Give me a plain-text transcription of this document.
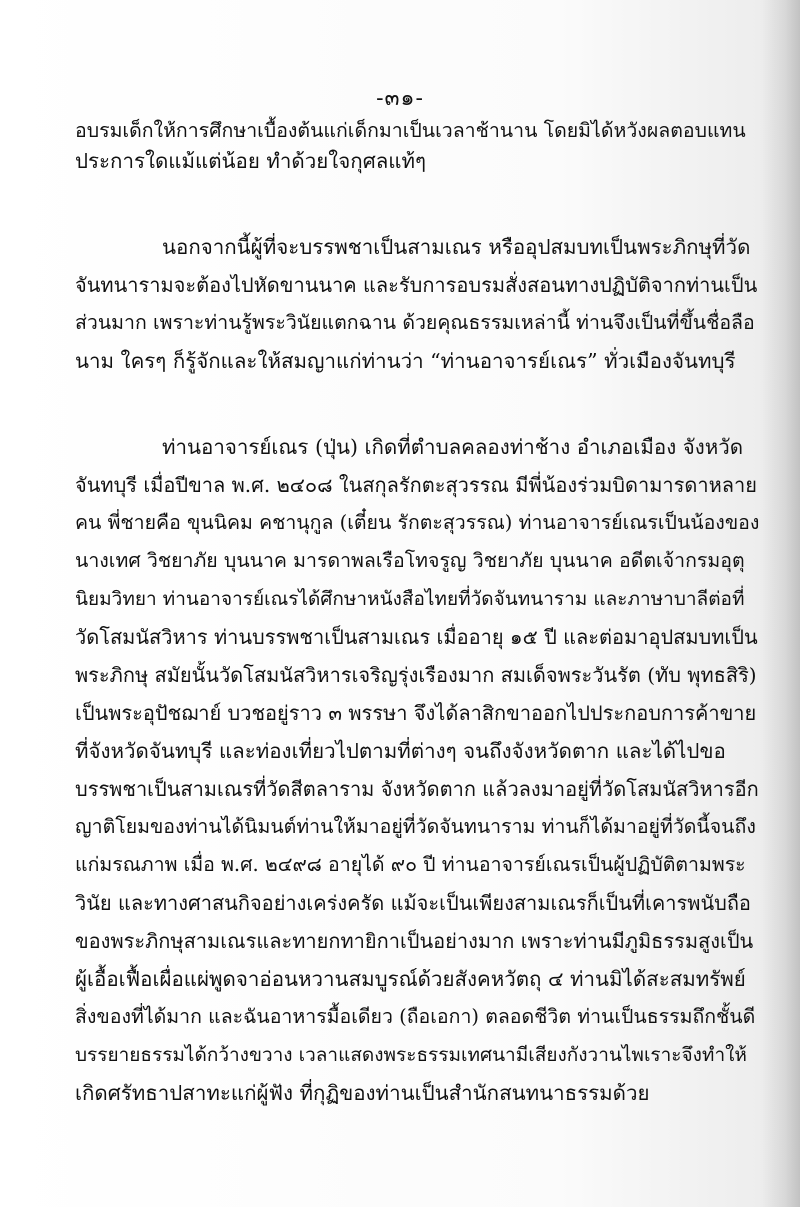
-๓๑-
อบรมเด็กให้การศึกษาเบื้องต้นแก่เด็กมาเป็นเวลาช้านาน โดยมิได้หวังผลตอบแทน
ประการใดแม้แต่น้อย ทำด้วยใจกุศลแท้ๆ
นอกจากนี้ผู้ที่จะบรรพชาเป็นสามเณร หรืออุปสมบทเป็นพระภิกษุที่วัด
จันทนารามจะต้องไปหัดขานนาค และรับการอบรมสั่งสอนทางปฏิบัติจากท่านเป็น
ส่วนมาก เพราะท่านรู้พระวินัยแตกฉาน ด้วยคุณธรรมเหล่านี้ ท่านจึงเป็นที่ขึ้นชื่อลือ
นาม ใครๆ ก็รู้จักและให้สมญาแก่ท่านว่า “ท่านอาจารย์เณร” ทั่วเมืองจันทบุรี
ท่านอาจารย์เณร (ปุ่น) เกิดที่ตำบลคลองท่าช้าง อำเภอเมือง จังหวัด
จันทบุรี เมื่อปีขาล พ.ศ. ๒๔๐๘ ในสกุลรักตะสุวรรณ มีพี่น้องร่วมบิดามารดาหลาย
คน พี่ชายคือ ขุนนิคม คชานุกูล (เตี๋ยน รักตะสุวรรณ) ท่านอาจารย์เณรเป็นน้องของ
นางเทศ วิชยาภัย บุนนาค มารดาพลเรือโทจรูญ วิชยาภัย บุนนาค อดีตเจ้ากรมอุตุ
นิยมวิทยา ท่านอาจารย์เณรได้ศึกษาหนังสือไทยที่วัดจันทนาราม และภาษาบาลีต่อที่
วัดโสมนัสวิหาร ท่านบรรพชาเป็นสามเณร เมื่ออายุ ๑๕ ปี และต่อมาอุปสมบทเป็น
พระภิกษุ สมัยนั้นวัดโสมนัสวิหารเจริญรุ่งเรืองมาก สมเด็จพระวันรัต (ทับ พุทธสิริ)
เป็นพระอุปัชฌาย์ บวชอยู่ราว ๓ พรรษา จึงได้ลาสิกขาออกไปประกอบการค้าขาย
ที่จังหวัดจันทบุรี และท่องเที่ยวไปตามที่ต่างๆ จนถึงจังหวัดตาก และได้ไปขอ
บรรพชาเป็นสามเณรที่วัดสีตลาราม จังหวัดตาก แล้วลงมาอยู่ที่วัดโสมนัสวิหารอีก
ญาติโยมของท่านได้นิมนต์ท่านให้มาอยู่ที่วัดจันทนาราม ท่านก็ได้มาอยู่ที่วัดนี้จนถึง
แก่มรณภาพ เมื่อ พ.ศ. ๒๔๙๘ อายุได้ ๙๐ ปี ท่านอาจารย์เณรเป็นผู้ปฏิบัติตามพระ
วินัย และทางศาสนกิจอย่างเคร่งครัด แม้จะเป็นเพียงสามเณรก็เป็นที่เคารพนับถือ
ของพระภิกษุสามเณรและทายกทายิกาเป็นอย่างมาก เพราะท่านมีภูมิธรรมสูงเป็น
ผู้เอื้อเฟื้อเผื่อแผ่พูดจาอ่อนหวานสมบูรณ์ด้วยสังคหวัตถุ ๔ ท่านมิได้สะสมทรัพย์
สิ่งของที่ได้มาก และฉันอาหารมื้อเดียว (ถือเอกา) ตลอดชีวิต ท่านเป็นธรรมถึกชั้นดี
บรรยายธรรมได้กว้างขวาง เวลาแสดงพระธรรมเทศนามีเสียงกังวานไพเราะจึงทำให้
เกิดศรัทธาปสาทะแก่ผู้ฟัง ที่กุฏิของท่านเป็นสำนักสนทนาธรรมด้วย
